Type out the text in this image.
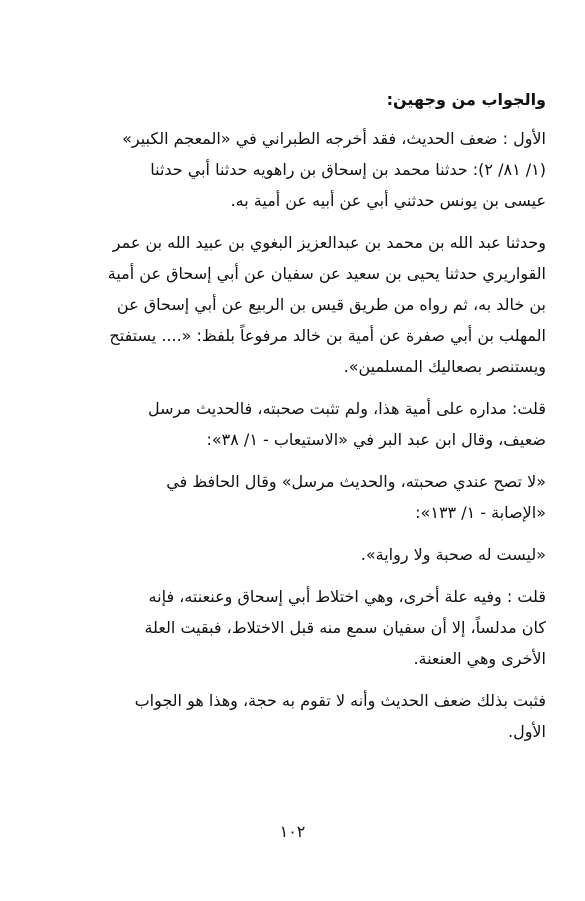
والجواب من وجهين:
الأول : ضعف الحديث، فقد أخرجه الطبراني في «المعجم الكبير»
(١/ ٨١/ ٢): حدثنا محمد بن إسحاق بن راهويه حدثنا أبي حدثنا
عيسى بن يونس حدثني أبي عن أبيه عن أمية به.
وحدثنا عبد الله بن محمد بن عبدالعزيز البغوي بن عبيد الله بن عمر
القواريري حدثنا يحيى بن سعيد عن سفيان عن أبي إسحاق عن أمية
بن خالد به، ثم رواه من طريق قيس بن الربيع عن أبي إسحاق عن
المهلب بن أبي صفرة عن أمية بن خالد مرفوعاً بلفظ: «.... يستفتح
ويستنصر بصعاليك المسلمين».
قلت: مداره على أمية هذا، ولم تثبت صحبته، فالحديث مرسل
ضعيف، وقال ابن عبد البر في «الاستيعاب - ١/ ٣٨»:
«لا تصح عندي صحبته، والحديث مرسل» وقال الحافظ في
«الإصابة - ١/ ١٣٣»:
«ليست له صحبة ولا رواية».
قلت : وفيه علة أخرى، وهي اختلاط أبي إسحاق وعنعنته، فإنه
كان مدلساً، إلا أن سفيان سمع منه قبل الاختلاط، فبقيت العلة
الأخرى وهي العنعنة.
فثبت بذلك ضعف الحديث وأنه لا تقوم به حجة، وهذا هو الجواب
الأول.
١٠٢
